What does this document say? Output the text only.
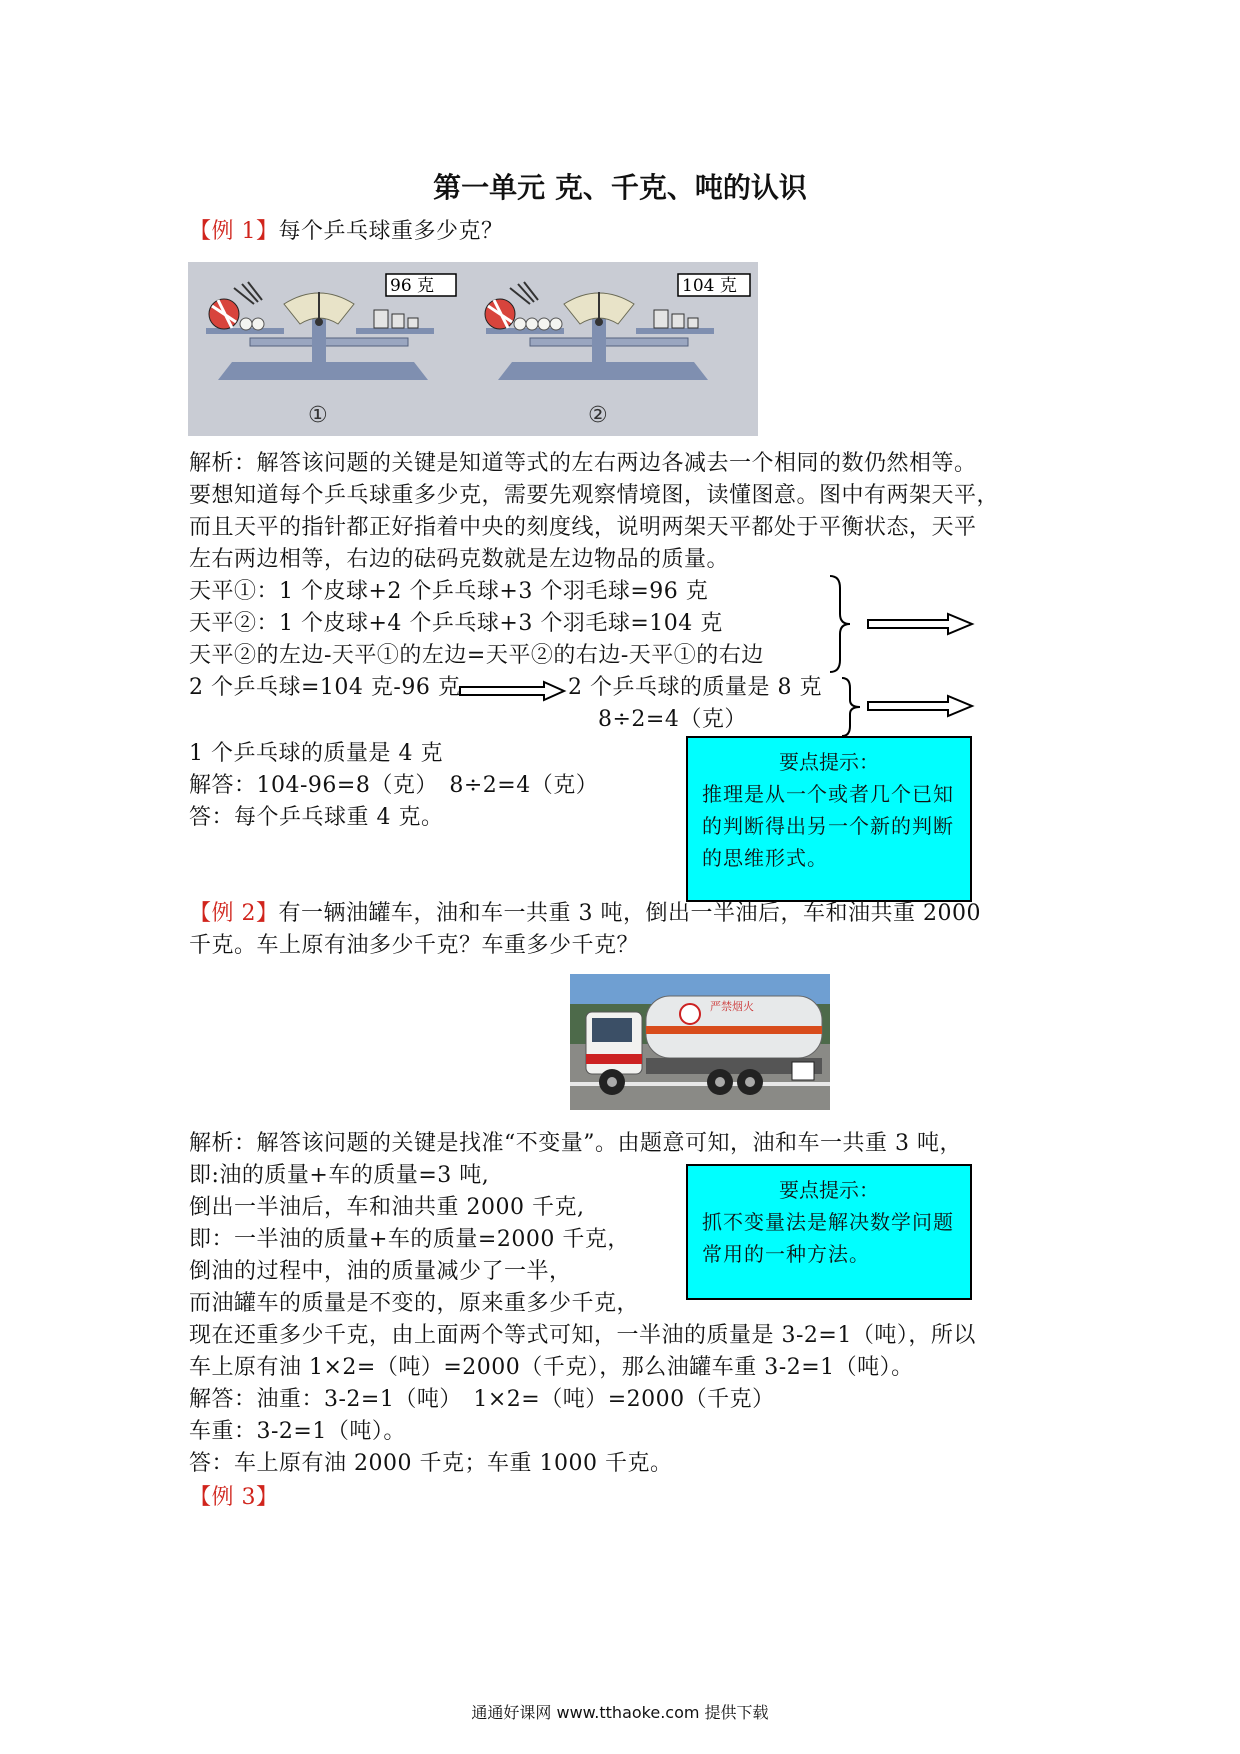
第一单元 克、千克、吨的认识
【例 1】每个乒乓球重多少克？
96 克	104 克
①	②
解析：解答该问题的关键是知道等式的左右两边各减去一个相同的数仍然相等。
要想知道每个乒乓球重多少克，需要先观察情境图，读懂图意。图中有两架天平，
而且天平的指针都正好指着中央的刻度线，说明两架天平都处于平衡状态，天平
左右两边相等，右边的砝码克数就是左边物品的质量。
天平①：1 个皮球+2 个乒乓球+3 个羽毛球=96 克
天平②：1 个皮球+4 个乒乓球+3 个羽毛球=104 克
天平②的左边-天平①的左边=天平②的右边-天平①的右边
2 个乒乓球=104 克-96 克	2 个乒乓球的质量是 8 克
8÷2=4（克）
1 个乒乓球的质量是 4 克
解答：104-96=8（克）　8÷2=4（克）
答：每个乒乓球重 4 克。
要点提示：
推理是从一个或者几个已知的判断得出另一个新的判断的思维形式。
【例 2】有一辆油罐车，油和车一共重 3 吨，倒出一半油后，车和油共重 2000
千克。车上原有油多少千克？车重多少千克？
严禁烟火
解析：解答该问题的关键是找准“不变量”。由题意可知，油和车一共重 3 吨，
即:油的质量+车的质量=3 吨,
倒出一半油后，车和油共重 2000 千克,
即：一半油的质量+车的质量=2000 千克，
倒油的过程中，油的质量减少了一半，
而油罐车的质量是不变的，原来重多少千克，
现在还重多少千克，由上面两个等式可知，一半油的质量是 3-2=1（吨），所以
车上原有油 1×2=（吨）=2000（千克），那么油罐车重 3-2=1（吨）。
解答：油重：3-2=1（吨）　1×2=（吨）=2000（千克）
车重：3-2=1（吨）。
答：车上原有油 2000 千克；车重 1000 千克。
要点提示：
抓不变量法是解决数学问题常用的一种方法。
【例 3】
通通好课网 www.tthaoke.com 提供下载
